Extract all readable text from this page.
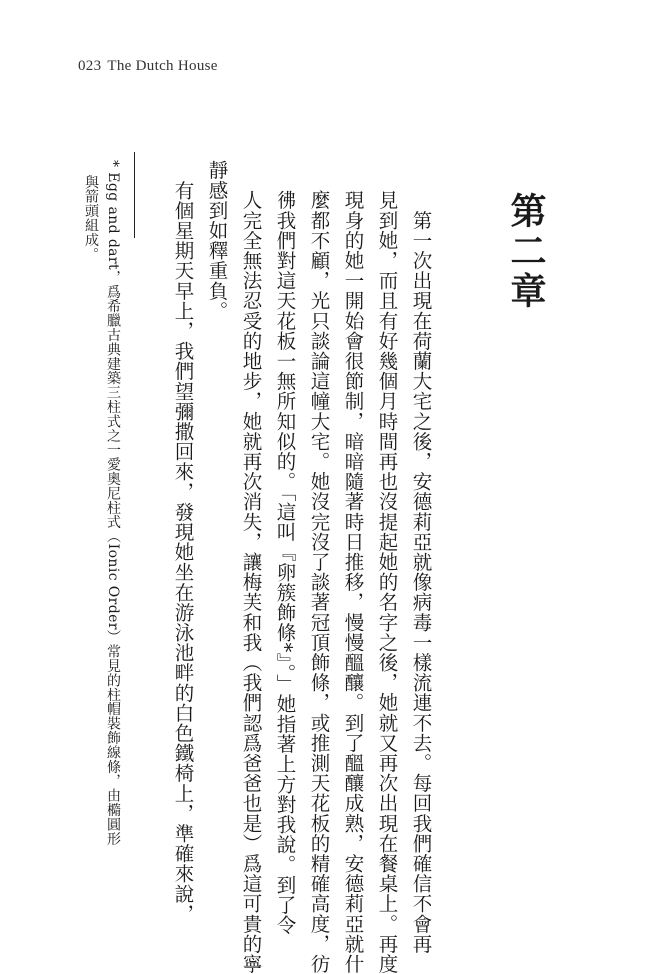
023 The Dutch House
第二章
　第一次出現在荷蘭大宅之後，安德莉亞就像病毒一樣流連不去。每回我們確信不會再
見到她，而且有好幾個月時間再也沒提起她的名字之後，她就又再次出現在餐桌上。再度
現身的她一開始會很節制，暗暗隨著時日推移，慢慢醞釀。到了醞釀成熟，安德莉亞就什
麼都不顧，光只談論這幢大宅。她沒完沒了談著冠頂飾條，或推測天花板的精確高度，彷
彿我們對這天花板一無所知似的。「這叫『卵簇飾條*』。」她指著上方對我說。到了令
人完全無法忍受的地步，她就再次消失，讓梅芙和我（我們認爲爸爸也是）爲這可貴的寧
靜感到如釋重負。
　有個星期天早上，我們望彌撒回來，發現她坐在游泳池畔的白色鐵椅上，準確來說，
* Egg and dart，爲希臘古典建築三柱式之一愛奧尼柱式（Ionic Order）常見的柱帽裝飾線條，由橢圓形
與箭頭組成。
